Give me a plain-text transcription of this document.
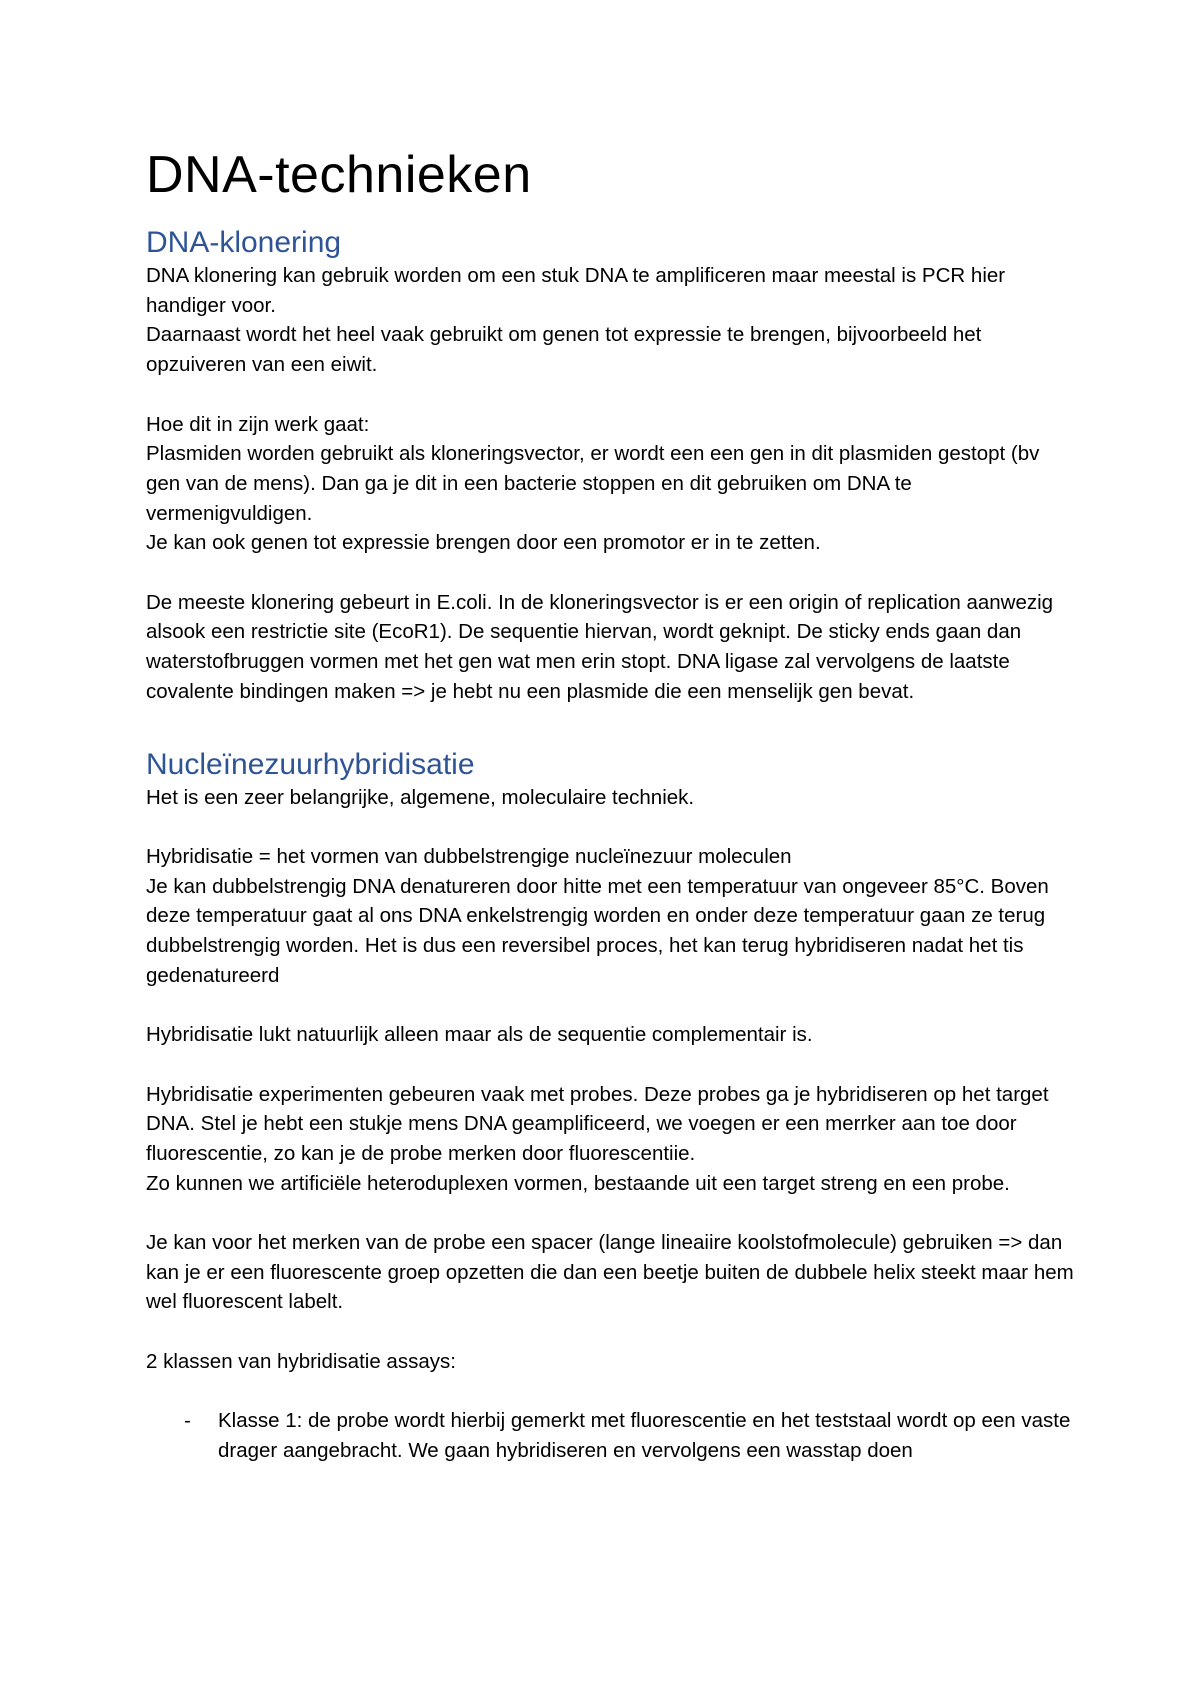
DNA-technieken
DNA-klonering

DNA klonering kan gebruik worden om een stuk DNA te amplificeren maar meestal is PCR hier handiger voor.

Daarnaast wordt het heel vaak gebruikt om genen tot expressie te brengen, bijvoorbeeld het opzuiveren van een eiwit.

Hoe dit in zijn werk gaat:

Plasmiden worden gebruikt als kloneringsvector, er wordt een een gen in dit plasmiden gestopt (bv gen van de mens). Dan ga je dit in een bacterie stoppen en dit gebruiken om DNA te vermenigvuldigen.

Je kan ook genen tot expressie brengen door een promotor er in te zetten.

De meeste klonering gebeurt in E.coli. In de kloneringsvector is er een origin of replication aanwezig alsook een restrictie site (EcoR1). De sequentie hiervan, wordt geknipt. De sticky ends gaan dan waterstofbruggen vormen met het gen wat men erin stopt. DNA ligase zal vervolgens de laatste covalente bindingen maken => je hebt nu een plasmide die een menselijk gen bevat.

Nucleïnezuurhybridisatie

Het is een zeer belangrijke, algemene, moleculaire techniek.

Hybridisatie = het vormen van dubbelstrengige nucleïnezuur moleculen

Je kan dubbelstrengig DNA denatureren door hitte met een temperatuur van ongeveer 85°C. Boven deze temperatuur gaat al ons DNA enkelstrengig worden en onder deze temperatuur gaan ze terug dubbelstrengig worden. Het is dus een reversibel proces, het kan terug hybridiseren nadat het tis gedenatureerd

Hybridisatie lukt natuurlijk alleen maar als de sequentie complementair is.

Hybridisatie experimenten gebeuren vaak met probes. Deze probes ga je hybridiseren op het target DNA. Stel je hebt een stukje mens DNA geamplificeerd, we voegen er een merrker aan toe door fluorescentie, zo kan je de probe merken door fluorescentiie.

Zo kunnen we artificiële heteroduplexen vormen, bestaande uit een target streng en een probe.

Je kan voor het merken van de probe een spacer (lange lineaiire koolstofmolecule) gebruiken => dan kan je er een fluorescente groep opzetten die dan een beetje buiten de dubbele helix steekt maar hem wel fluorescent labelt.

2 klassen van hybridisatie assays:

- Klasse 1: de probe wordt hierbij gemerkt met fluorescentie en het teststaal wordt op een vaste drager aangebracht. We gaan hybridiseren en vervolgens een wasstap doen
